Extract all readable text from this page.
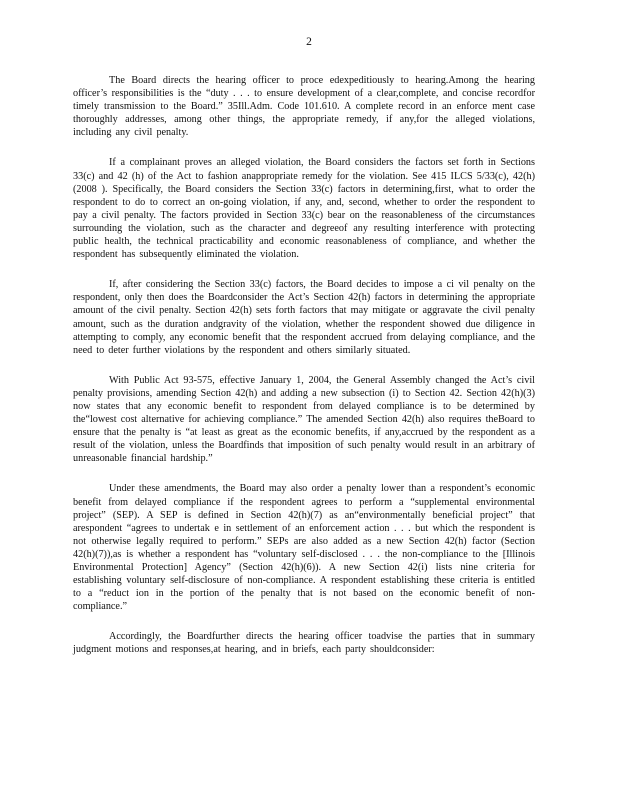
2

The Board directs the hearing officer to proce edexpeditiously to hearing.Among the hearing officer’s responsibilities is the “duty . . . to ensure development of a clear,complete, and concise recordfor timely transmission to the Board.” 35Ill.Adm. Code 101.610. A complete record in an enforce ment case thoroughly addresses, among other things, the appropriate remedy, if any,for the alleged violations, including any civil penalty.

If a complainant proves an alleged violation, the Board considers the factors set forth in Sections 33(c) and 42 (h) of the Act to fashion anappropriate remedy for the violation. See 415 ILCS 5/33(c), 42(h) (2008 ). Specifically, the Board considers the Section 33(c) factors in determining,first, what to order the respondent to do to correct an on-going violation, if any, and, second, whether to order the respondent to pay a civil penalty. The factors provided in Section 33(c) bear on the reasonableness of the circumstances surrounding the violation, such as the character and degreeof any resulting interference with protecting public health, the technical practicability and economic reasonableness of compliance, and whether the respondent has subsequently eliminated the violation.

If, after considering the Section 33(c) factors, the Board decides to impose a ci vil penalty on the respondent, only then does the Boardconsider the Act’s Section 42(h) factors in determining the appropriate amount of the civil penalty. Section 42(h) sets forth factors that may mitigate or aggravate the civil penalty amount, such as the duration andgravity of the violation, whether the respondent showed due diligence in attempting to comply, any economic benefit that the respondent accrued from delaying compliance, and the need to deter further violations by the respondent and others similarly situated.

With Public Act 93-575, effective January 1, 2004, the General Assembly changed the Act’s civil penalty provisions, amending Section 42(h) and adding a new subsection (i) to Section 42. Section 42(h)(3) now states that any economic benefit to respondent from delayed compliance is to be determined by the“lowest cost alternative for achieving compliance.” The amended Section 42(h) also requires theBoard to ensure that the penalty is “at least as great as the economic benefits, if any,accrued by the respondent as a result of the violation, unless the Boardfinds that imposition of such penalty would result in an arbitrary of unreasonable financial hardship.”

Under these amendments, the Board may also order a penalty lower than a respondent’s economic benefit from delayed compliance if the respondent agrees to perform a “supplemental environmental project” (SEP). A SEP is defined in Section 42(h)(7) as an“environmentally beneficial project” that arespondent “agrees to undertak e in settlement of an enforcement action . . . but which the respondent is not otherwise legally required to perform.” SEPs are also added as a new Section 42(h) factor (Section 42(h)(7)),as is whether a respondent has “voluntary self-disclosed . . . the non-compliance to the [Illinois Environmental Protection] Agency” (Section 42(h)(6)). A new Section 42(i) lists nine criteria for establishing voluntary self-disclosure of non-compliance. A respondent establishing these criteria is entitled to a “reduct ion in the portion of the penalty that is not based on the economic benefit of non-compliance.”

Accordingly, the Boardfurther directs the hearing officer toadvise the parties that in summary judgment motions and responses,at hearing, and in briefs, each party shouldconsider:
